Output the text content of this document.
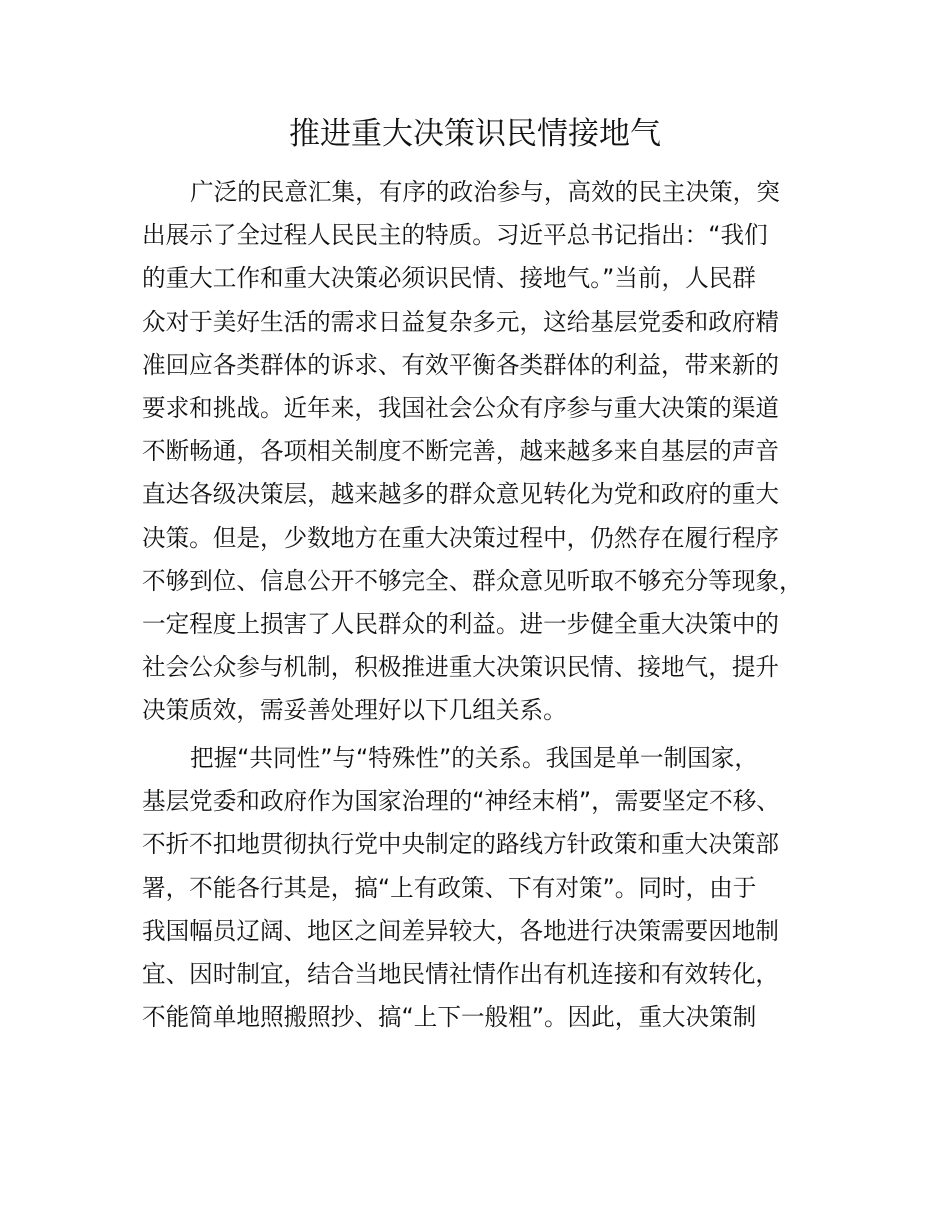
推进重大决策识民情接地气

广泛的民意汇集，有序的政治参与，高效的民主决策，突
出展示了全过程人民民主的特质。习近平总书记指出：“我们
的重大工作和重大决策必须识民情、接地气。”当前，人民群
众对于美好生活的需求日益复杂多元，这给基层党委和政府精
准回应各类群体的诉求、有效平衡各类群体的利益，带来新的
要求和挑战。近年来，我国社会公众有序参与重大决策的渠道
不断畅通，各项相关制度不断完善，越来越多来自基层的声音
直达各级决策层，越来越多的群众意见转化为党和政府的重大
决策。但是，少数地方在重大决策过程中，仍然存在履行程序
不够到位、信息公开不够完全、群众意见听取不够充分等现象，
一定程度上损害了人民群众的利益。进一步健全重大决策中的
社会公众参与机制，积极推进重大决策识民情、接地气，提升
决策质效，需妥善处理好以下几组关系。

把握“共同性”与“特殊性”的关系。我国是单一制国家，
基层党委和政府作为国家治理的“神经末梢”，需要坚定不移、
不折不扣地贯彻执行党中央制定的路线方针政策和重大决策部
署，不能各行其是，搞“上有政策、下有对策”。同时，由于
我国幅员辽阔、地区之间差异较大，各地进行决策需要因地制
宜、因时制宜，结合当地民情社情作出有机连接和有效转化，
不能简单地照搬照抄、搞“上下一般粗”。因此，重大决策制
